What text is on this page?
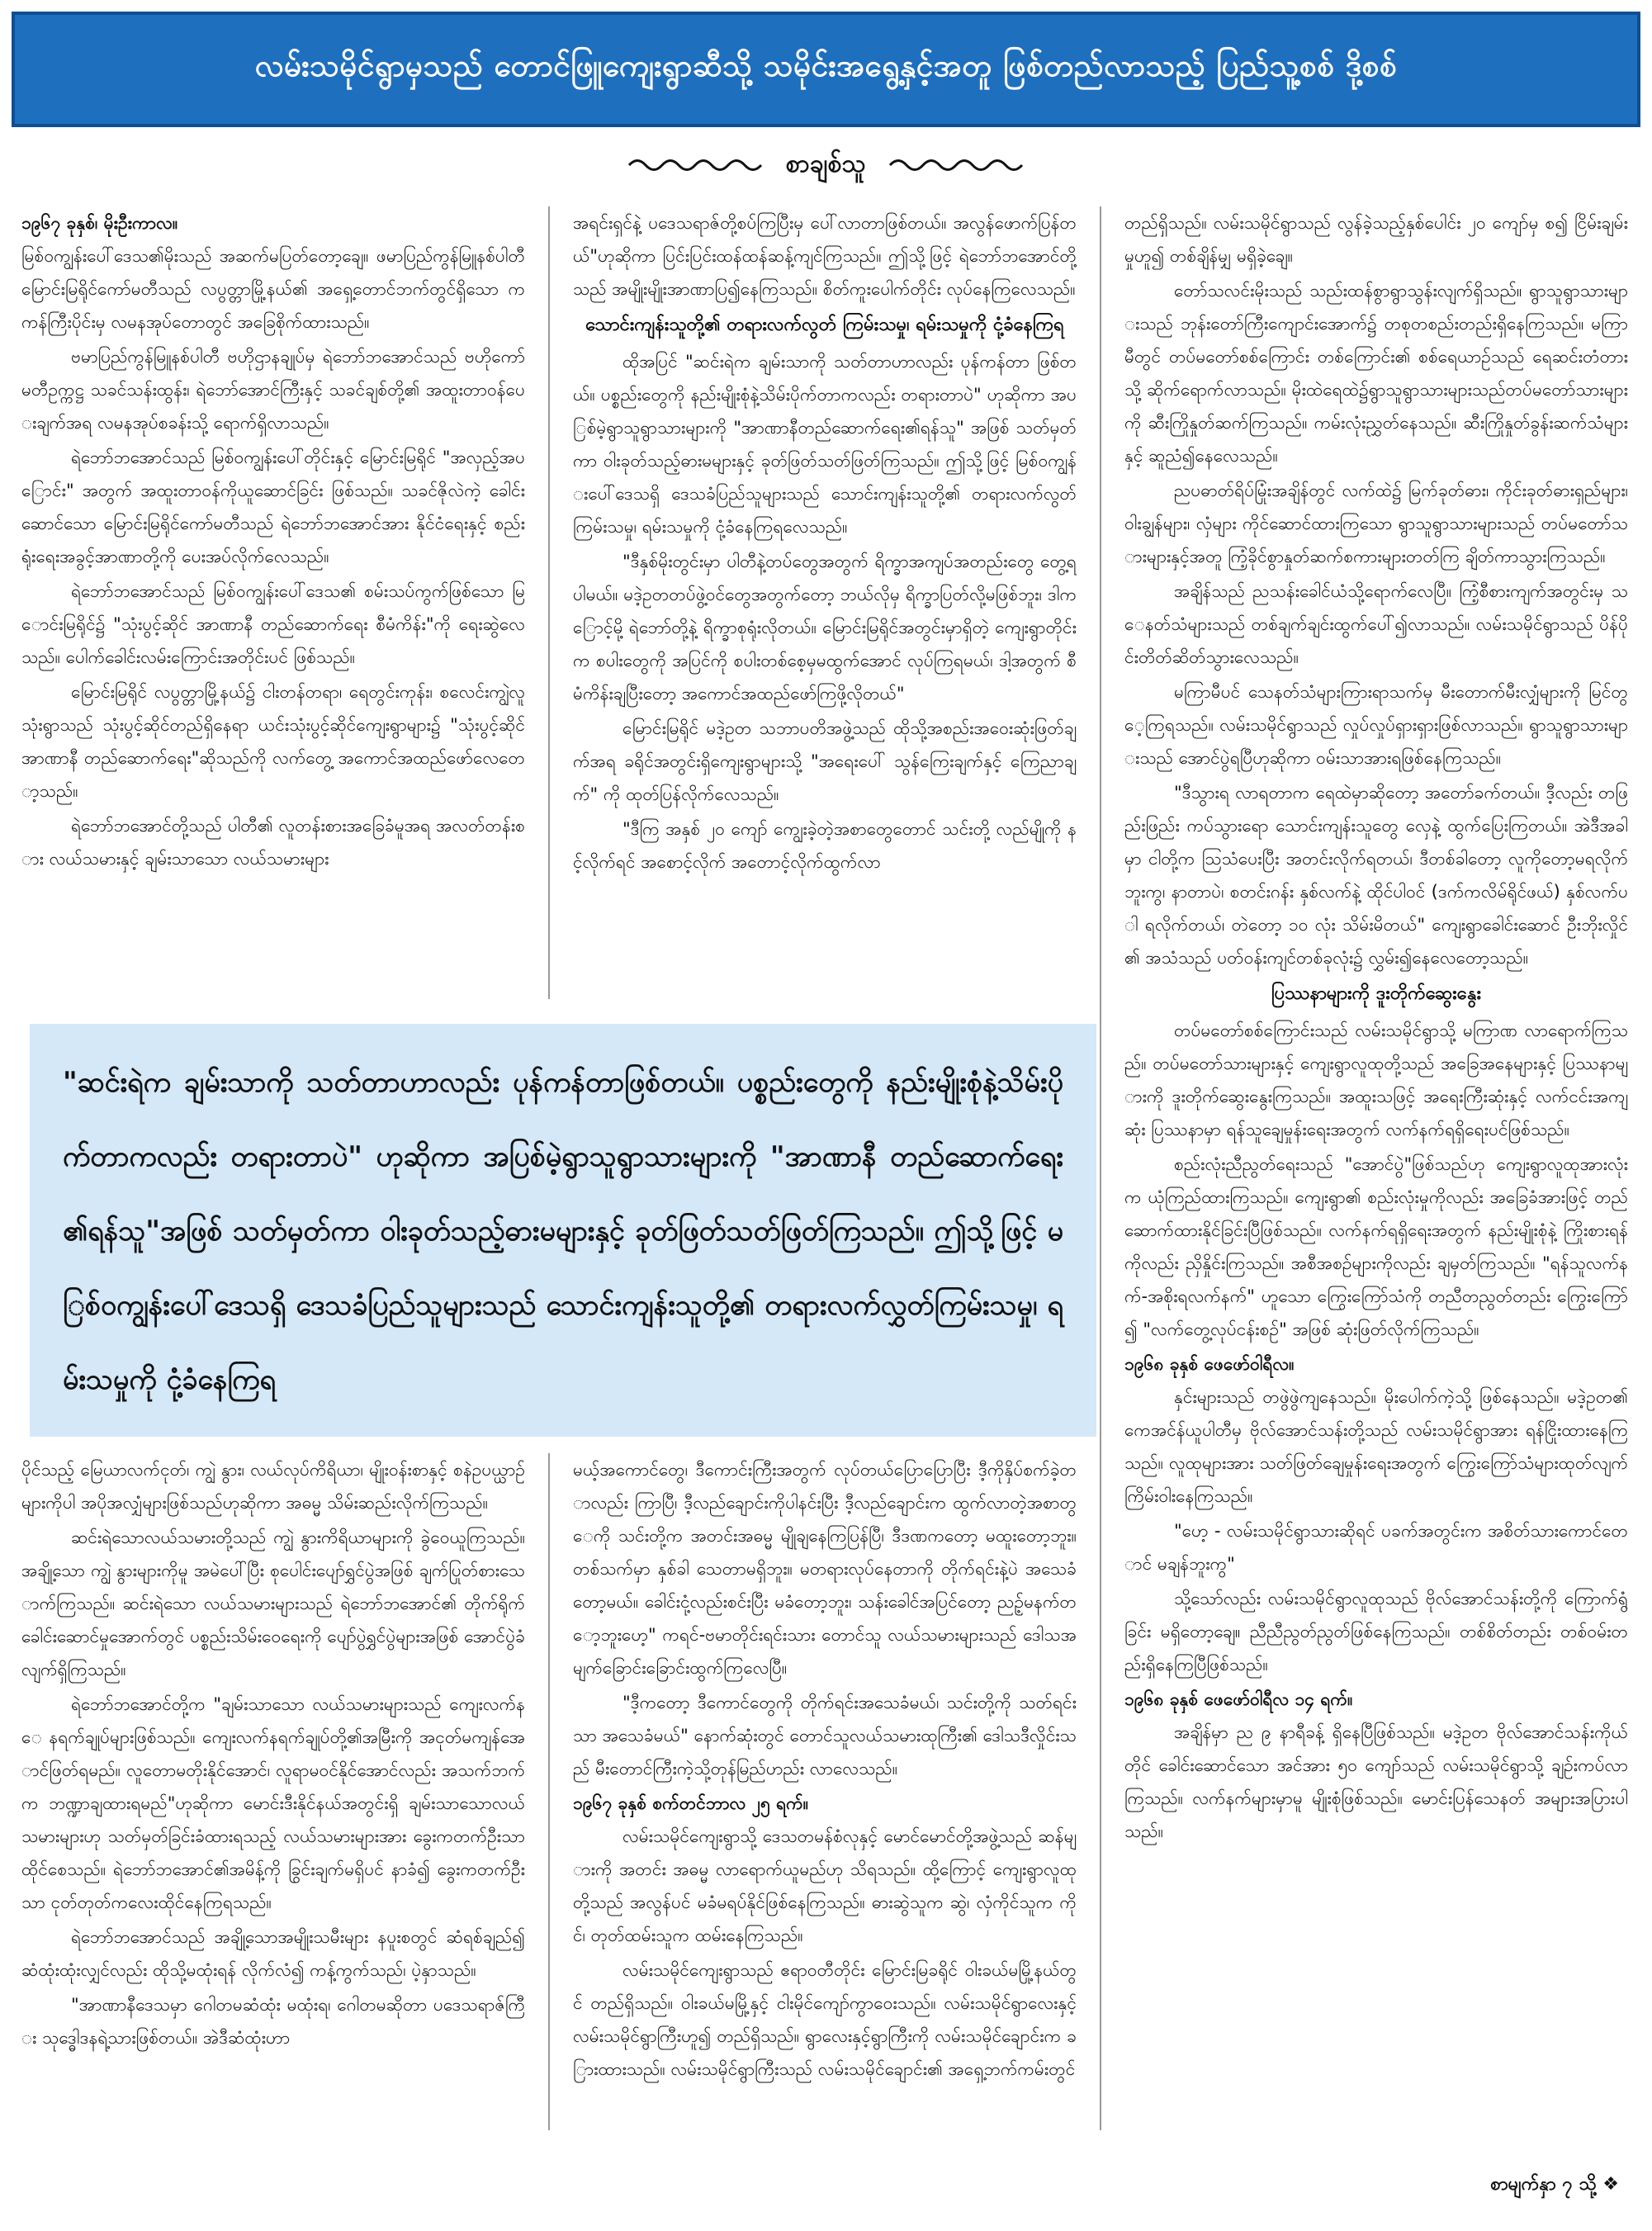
လမ်းသမိုင်ရွာမှသည် တောင်ဖြူကျေးရွာဆီသို့ သမိုင်းအရွေ့နှင့်အတူ ဖြစ်တည်လာသည့် ပြည်သူ့စစ် ဒို့စစ်
စာချစ်သူ
၁၉၆၇ ခုနှစ်၊ မိုးဦးကာလ။

မြစ်ဝကျွန်းပေါ်ဒေသ၏မိုးသည် အဆက်မပြတ်တော့ချေ။ ဖမာပြည်ကွန်မြူနစ်ပါတီ မြောင်းမြရိုင်ကော်မတီသည် လပွတ္တာမြို့နယ်၏ အရှေ့တောင်ဘက်တွင်ရှိသော ကကန်ကြီးပိုင်းမှ လမနအုပ်တောတွင် အခြေစိုက်ထားသည်။

ဗမာပြည်ကွန်မြူနစ်ပါတီ ဗဟိုဌာနချုပ်မှ ရဲဘော်ဘအောင်သည် ဗဟိုကော်မတီဥက္ကဋ္ဌ သခင်သန်းထွန်း၊ ရဲဘော်အောင်ကြီးနှင့် သခင်ချစ်တို့၏ အထူးတာဝန်ပေးချက်အရ လမနအုပ်စခန်းသို့ ရောက်ရှိလာသည်။

ရဲဘော်ဘအောင်သည် မြစ်ဝကျွန်းပေါ်တိုင်းနှင့် မြောင်းမြရိုင် "အလှည့်အပြောင်း" အတွက် အထူးတာဝန်ကိုယူဆောင်ခြင်း ဖြစ်သည်။ သခင်ဇိုလဲကဲ့ ခေါင်းဆောင်သော မြောင်းမြရိုင်ကော်မတီသည် ရဲဘော်ဘအောင်အား နိုင်ငံရေးနှင့် စည်းရုံးရေးအခွင့်အာဏာတို့ကို ပေးအပ်လိုက်လေသည်။

ရဲဘော်ဘအောင်သည် မြစ်ဝကျွန်းပေါ်ဒေသ၏ စမ်းသပ်ကွက်ဖြစ်သော မြောင်းမြရိုင်၌ "သုံးပွင့်ဆိုင် အာဏာနီ တည်ဆောက်ရေး စီမံကိန်း"ကို ရေးဆွဲလေသည်။ ပေါက်ခေါင်းလမ်းကြောင်းအတိုင်းပင် ဖြစ်သည်။

မြောင်းမြရိုင် လပွတ္တာမြို့နယ်၌ ငါးတန်တရာ၊ ရေတွင်းကုန်း၊ စလေင်းကျွဲလူ သုံးရွာသည် သုံးပွင့်ဆိုင်တည်ရှိနေရာ ယင်းသုံးပွင့်ဆိုင်ကျေးရွာများ၌ "သုံးပွင့်ဆိုင် အာဏာနီ တည်ဆောက်ရေး"ဆိုသည်ကို လက်တွေ့ အကောင်အထည်ဖော်လေတော့သည်။

ရဲဘော်ဘအောင်တို့သည် ပါတီ၏ လူတန်းစားအခြေခံမူအရ အလတ်တန်းစား လယ်သမားနှင့် ချမ်းသာသော လယ်သမားများ

ပိုင်သည့် မြေယာလက်ငုတ်၊ ကျွဲ နွား၊ လယ်လုပ်ကိရိယာ၊ မျိုးဝန်းစာနှင့် စနဲဥပယ္ယာဥ်များကိုပါ အပိုအလျှံများဖြစ်သည်ဟုဆိုကာ အဓမ္မ သိမ်းဆည်းလိုက်ကြသည်။

ဆင်းရဲသောလယ်သမားတို့သည် ကျွဲ နွားကိရိယာများကို ခွဲဝေယူကြသည်။ အချို့သော ကျွဲ နွားများကိုမူ အမဲပေါ်ပြီး စုပေါင်းပျော်ရွှင်ပွဲအဖြစ် ချက်ပြုတ်စားသောက်ကြသည်။ ဆင်းရဲသော လယ်သမားများသည် ရဲဘော်ဘအောင်၏ တိုက်ရိုက်ခေါင်းဆောင်မှုအောက်တွင် ပစ္စည်းသိမ်းဝေရေးကို ပျော်ပွဲရွှင်ပွဲများအဖြစ် အောင်ပွဲခံလျက်ရှိကြသည်။

ရဲဘော်ဘအောင်တို့က "ချမ်းသာသော လယ်သမားများသည် ကျေးလက်နေ နရက်ချုပ်များဖြစ်သည်။ ကျေးလက်နရက်ချုပ်တို့၏အမြီးကို အငုတ်မကျန်အောင်ဖြတ်ရမည်။ လူတောမတိုးနိုင်အောင်၊ လူရာမဝင်နိုင်အောင်လည်း အသက်ဘက်က ဘဏ္ဍာချထားရမည်"ဟုဆိုကာ မောင်းဒီးနိုင်နယ်အတွင်းရှိ ချမ်းသာသောလယ်သမားများဟု သတ်မှတ်ခြင်းခံထားရသည့် လယ်သမားများအား ခွေးကတက်ဦးသာ ထိုင်စေသည်။ ရဲဘော်ဘအောင်၏အမိန့်ကို ခြွင်းချက်မရှိပင် နာခံ၍ ခွေးကတက်ဦးသာ ငုတ်တုတ်ကလေးထိုင်နေကြရသည်။

ရဲဘော်ဘအောင်သည် အချို့သောအမျိုးသမီးများ နပူးစတွင် ဆံရစ်ချည်၍ ဆံထုံးထုံးလျှင်လည်း ထိုသို့မထုံးရန် လိုက်လံ၍ ကန့်ကွက်သည်၊ ပဲ့နှာသည်။

"အာဏာနီဒေသမှာ ဂေါတမဆံထုံး မထုံးရ၊ ဂေါတမဆိုတာ ပဒေသရာဇ်ကြီး သုဒ္ဓေါဒနရဲ့သားဖြစ်တယ်။ အဲဒီဆံထုံးဟာ

အရင်းရှင်နဲ့ ပဒေသရာဇ်တို့စပ်ကြပြီးမှ ပေါ်လာတာဖြစ်တယ်။ အလွန်ဖောက်ပြန်တယ်"ဟုဆိုကာ ပြင်းပြင်းထန်ထန်ဆန့်ကျင်ကြသည်။ ဤသို့ဖြင့် ရဲဘော်ဘအောင်တို့သည် အမျိုးမျိုးအာဏာပြ၍နေကြသည်။ စိတ်ကူးပေါက်တိုင်း လုပ်နေကြလေသည်။

သောင်းကျန်းသူတို့၏ တရားလက်လွတ် ကြမ်းသမှု၊ ရမ်းသမှုကို ငုံ့ခံနေကြရ

ထိုအပြင် "ဆင်းရဲက ချမ်းသာကို သတ်တာဟာလည်း ပုန်ကန်တာ ဖြစ်တယ်။ ပစ္စည်းတွေကို နည်းမျိုးစုံနဲ့သိမ်းပိုက်တာကလည်း တရားတာပဲ" ဟုဆိုကာ အပြစ်မဲ့ရွာသူရွာသားများကို "အာဏာနီတည်ဆောက်ရေး၏ရန်သူ" အဖြစ် သတ်မှတ်ကာ ဝါးခုတ်သည့်ဓားမများနှင့် ခုတ်ဖြတ်သတ်ဖြတ်ကြသည်။ ဤသို့ဖြင့် မြစ်ဝကျွန်းပေါ်ဒေသရှိ ဒေသခံပြည်သူများသည် သောင်းကျန်းသူတို့၏ တရားလက်လွတ် ကြမ်းသမှု၊ ရမ်းသမှုကို ငုံ့ခံနေကြရလေသည်။

"ဒီနှစ်မိုးတွင်းမှာ ပါတီနဲ့တပ်တွေအတွက် ရိက္ခာအကျပ်အတည်းတွေ တွေ့ရပါမယ်။ မဒဲ့ဥတတပ်ဖွဲ့ဝင်တွေအတွက်တော့ ဘယ်လိုမှ ရိက္ခာပြတ်လို့မဖြစ်ဘူး၊ ဒါကြောင့်မို့ ရဲဘော်တို့နဲ့ ရိက္ခာစုရုံးလိုတယ်။ မြောင်းမြရိုင်အတွင်းမှာရှိတဲ့ ကျေးရွာတိုင်းက စပါးတွေကို အပြင်ကို စပါးတစ်စေ့မှမထွက်အောင် လုပ်ကြရမယ်၊ ဒါ့အတွက် စီမံကိန်းချပြီးတော့ အကောင်အထည်ဖော်ကြဖို့လိုတယ်"

မြောင်းမြရိုင် မဒဲ့ဥတ သဘာပတိအဖွဲ့သည် ထိုသို့အစည်းအဝေးဆုံးဖြတ်ချက်အရ ခရိုင်အတွင်းရှိကျေးရွာများသို့ "အရေးပေါ် သွန်ကြေးချက်နှင့် ကြေညာချက်" ကို ထုတ်ပြန်လိုက်လေသည်။

"ဒီကြ အနှစ် ၂၀ ကျော် ကျွေးခဲ့တဲ့အစာတွေတောင် သင်းတို့ လည်မျိုကို နင့်လိုက်ရင် အစောင့်လိုက် အတောင့်လိုက်ထွက်လာ

မယ့်အကောင်တွေ၊ ဒီကောင်းကြီးအတွက် လုပ်တယ်ပြောပြောပြီး ဒီ့ကိုနှိပ်စက်ခဲ့တာလည်း ကြာပြီ၊ ဒီ့လည်ချောင်းကိုပါနင်းပြီး ဒီ့လည်ချောင်းက ထွက်လာတဲ့အစာတွေကို သင်းတို့က အတင်းအဓမ္မ မျိုချနေကြပြန်ပြီ၊ ဒီဒဏကတော့ မထူးတော့ဘူး။ တစ်သက်မှာ နှစ်ခါ သေတာမရှိဘူး။ မတရားလုပ်နေတာကို တိုက်ရင်းနဲ့ပဲ အသေခံ တော့မယ်။ ခေါင်းငုံ့လည်းစင်းပြီး မခံတော့ဘူး၊ သန်းခေါင်အပြင်တော့ ညဥ့်မနက်တော့ဘူးဟေ့" ကရင်-ဗမာတိုင်းရင်းသား တောင်သူ လယ်သမားများသည် ဒေါသအမျက်ခြောင်းခြောင်းထွက်ကြလေပြီ။

"ဒီ့ကတော့ ဒီကောင်တွေကို တိုက်ရင်းအသေခံမယ်၊ သင်းတို့ကို သတ်ရင်းသာ အသေခံမယ်" နောက်ဆုံးတွင် တောင်သူလယ်သမားထုကြီး၏ ဒေါသဒီလှိုင်းသည် မီးတောင်ကြီးကဲ့သို့တုန်မြည်ဟည်း လာလေသည်။

၁၉၆၇ ခုနှစ် စက်တင်ဘာလ ၂၅ ရက်။

လမ်းသမိုင်ကျေးရွာသို့ ဒေသတမန်စံလုနှင့် မောင်မောင်တို့အဖွဲ့သည် ဆန်များကို အတင်း အဓမ္မ လာရောက်ယူမည်ဟု သိရသည်။ ထို့ကြောင့် ကျေးရွာလူထုတို့သည် အလွန်ပင် မခံမရပ်နိုင်ဖြစ်နေကြသည်။ ဓားဆွဲသူက ဆွဲ၊ လှံကိုင်သူက ကိုင်၊ တုတ်ထမ်းသူက ထမ်းနေကြသည်။

လမ်းသမိုင်ကျေးရွာသည် ဧရာဝတီတိုင်း မြောင်းမြခရိုင် ဝါးခယ်မမြို့နယ်တွင် တည်ရှိသည်။ ဝါးခယ်မမြို့နှင့် ငါးမိုင်ကျော်ကွာဝေးသည်။ လမ်းသမိုင်ရွာလေးနှင့် လမ်းသမိုင်ရွာကြီးဟူ၍ တည်ရှိသည်။ ရွာလေးနှင့်ရွာကြီးကို လမ်းသမိုင်ချောင်းက ခြားထားသည်။ လမ်းသမိုင်ရွာကြီးသည် လမ်းသမိုင်ချောင်း၏ အရှေ့ဘက်ကမ်းတွင်

တည်ရှိသည်။ လမ်းသမိုင်ရွာသည် လွန်ခဲ့သည့်နှစ်ပေါင်း ၂၀ ကျော်မှ စ၍ ငြိမ်းချမ်းမှုဟူ၍ တစ်ချိန်မျှ မရှိခဲ့ချေ။

တော်သလင်းမိုးသည် သည်းထန်စွာရွာသွန်းလျက်ရှိသည်။ ရွာသူရွာသားများသည် ဘုန်းတော်ကြီးကျောင်းအောက်၌ တစုတစည်းတည်းရှိနေကြသည်။ မကြာမီတွင် တပ်မတော်စစ်ကြောင်း တစ်ကြောင်း၏ စစ်ရေယာဉ်သည် ရေဆင်းတံတားသို့ ဆိုက်ရောက်လာသည်။ မိုးထဲရေထဲ၌ရွာသူရွာသားများသည်တပ်မတော်သားများကို ဆီးကြိုနှုတ်ဆက်ကြသည်။ ကမ်းလုံးညွှတ်နေသည်။ ဆီးကြိုနှုတ်ခွန်းဆက်သံများနှင့် ဆူညံ၍နေလေသည်။

ညပဓာတ်ရိပ်မြုံးအချိန်တွင် လက်ထဲ၌ မြက်ခုတ်ဓား၊ ကိုင်းခုတ်ဓားရှည်များ၊ ဝါးချွန်များ၊ လှံများ ကိုင်ဆောင်ထားကြသော ရွာသူရွာသားများသည် တပ်မတော်သားများနှင့်အတူ ကြံ့ခိုင်စွာနှုတ်ဆက်စကားများတတ်ကြ ချိတ်ကာသွားကြသည်။

အချိန်သည် ညသန်းခေါင်ယံသို့ရောက်လေပြီ။ ကြံ့စီစားကျက်အတွင်းမှ သေနတ်သံများသည် တစ်ချက်ချင်းထွက်ပေါ်၍လာသည်။ လမ်းသမိုင်ရွာသည် ပိန်ပိုင်းတိတ်ဆိတ်သွားလေသည်။

မကြာမီပင် သေနတ်သံများကြားရာသက်မှ မီးတောက်မီးလျှံများကို မြင်တွေ့ကြရသည်။ လမ်းသမိုင်ရွာသည် လှုပ်လှုပ်ရှားရှားဖြစ်လာသည်။ ရွာသူရွာသားများသည် အောင်ပွဲရပြီဟုဆိုကာ ဝမ်းသာအားရဖြစ်နေကြသည်။

"ဒီသွားရ လာရတာက ရေထဲမှာဆိုတော့ အတော်ခက်တယ်။ ဒီ့လည်း တဖြည်းဖြည်း ကပ်သွားရော သောင်းကျန်းသူတွေ လှေနဲ့ ထွက်ပြေးကြတယ်။ အဲဒီအခါမှာ ငါတို့က ဩသံပေးပြီး အတင်းလိုက်ရတယ်၊ ဒီတစ်ခါတော့ လူကိုတော့မရလိုက်ဘူးကွ၊ နာတာပဲ၊ စတင်းဂန်း နှစ်လက်နဲ့ ထိုင်ပါဝင် (ဒက်ကလိမ်ရိုင်ဖယ်) နှစ်လက်ပါ ရလိုက်တယ်၊ တဲတော့ ၁၀ လုံး သိမ်းမိတယ်" ကျေးရွာခေါင်းဆောင် ဦးဘိုးလှိုင်၏ အသံသည် ပတ်ဝန်းကျင်တစ်ခုလုံး၌ လွှမ်း၍နေလေတော့သည်။

ပြဿနာများကို ဒူးတိုက်ဆွေးနွေး

တပ်မတော်စစ်ကြောင်းသည် လမ်းသမိုင်ရွာသို့ မကြာဏ လာရောက်ကြသည်။ တပ်မတော်သားများနှင့် ကျေးရွာလူထုတို့သည် အခြေအနေများနှင့် ပြဿနာများကို ဒူးတိုက်ဆွေးနွေးကြသည်။ အထူးသဖြင့် အရေးကြီးဆုံးနှင့် လက်ငင်းအကျဆုံး ပြဿနာမှာ ရန်သူချေမှုန်းရေးအတွက် လက်နက်ရရှိရေးပင်ဖြစ်သည်။

စည်းလုံးညီညွတ်ရေးသည် "အောင်ပွဲ"ဖြစ်သည်ဟု ကျေးရွာလူထုအားလုံးက ယုံကြည်ထားကြသည်။ ကျေးရွာ၏ စည်းလုံးမှုကိုလည်း အခြေခံအားဖြင့် တည်ဆောက်ထားနိုင်ခြင်းပြီဖြစ်သည်။ လက်နက်ရရှိရေးအတွက် နည်းမျိုးစုံနဲ့ ကြိုးစားရန်ကိုလည်း ညှိနှိုင်းကြသည်။ အစီအစဉ်များကိုလည်း ချမှတ်ကြသည်။ "ရန်သူလက်နက်-အစိုးရလက်နက်" ဟူသော ကြွေးကြော်သံကို တညီတညွတ်တည်း ကြွေးကြော်၍ "လက်တွေ့လုပ်ငန်းစဉ်" အဖြစ် ဆုံးဖြတ်လိုက်ကြသည်။

၁၉၆၈ ခုနှစ် ဖေဖော်ဝါရီလ။

နှင်းများသည် တဖွဲဖွဲကျနေသည်။ မိုးပေါက်ကဲ့သို့ ဖြစ်နေသည်။ မဒဲ့ဥတ၏ ကေအင်န်ယူပါတီမှ ဗိုလ်အောင်သန်းတို့သည် လမ်းသမိုင်ရွာအား ရန်ငြိုးထားနေကြသည်။ လူထုများအား သတ်ဖြတ်ချေမှုန်းရေးအတွက် ကြွေးကြော်သံများထုတ်လျက် ကြိမ်းဝါးနေကြသည်။

"ဟေ့ - လမ်းသမိုင်ရွာသားဆိုရင် ပခက်အတွင်းက အစိတ်သားကောင်တောင် မချန်ဘူးကွ"

သို့သော်လည်း လမ်းသမိုင်ရွာလူထုသည် ဗိုလ်အောင်သန်းတို့ကို ကြောက်ရွံ့ခြင်း မရှိတော့ချေ။ ညီညီညွတ်ညွတ်ဖြစ်နေကြသည်။ တစ်စိတ်တည်း တစ်ဝမ်းတည်းရှိနေကြပြီဖြစ်သည်။

၁၉၆၈ ခုနှစ် ဖေဖော်ဝါရီလ ၁၄ ရက်။

အချိန်မှာ ည ၉ နာရီခန့် ရှိနေပြီဖြစ်သည်။ မဒဲ့ဥတ ဗိုလ်အောင်သန်းကိုယ်တိုင် ခေါင်းဆောင်သော အင်အား ၅၀ ကျော်သည် လမ်းသမိုင်ရွာသို့ ချဉ်းကပ်လာကြသည်။ လက်နက်များမှာမူ မျိုးစုံဖြစ်သည်။ မောင်းပြန်သေနတ် အများအပြားပါသည်။

"ဆင်းရဲက ချမ်းသာကို သတ်တာဟာလည်း ပုန်ကန်တာဖြစ်တယ်။ ပစ္စည်းတွေကို နည်းမျိုးစုံနဲ့သိမ်းပိုက်တာကလည်း တရားတာပဲ" ဟုဆိုကာ အပြစ်မဲ့ရွာသူရွာသားများကို "အာဏာနီ တည်ဆောက်ရေး၏ရန်သူ"အဖြစ် သတ်မှတ်ကာ ဝါးခုတ်သည့်ဓားမများနှင့် ခုတ်ဖြတ်သတ်ဖြတ်ကြသည်။ ဤသို့ဖြင့် မြစ်ဝကျွန်းပေါ်ဒေသရှိ ဒေသခံပြည်သူများသည် သောင်းကျန်းသူတို့၏ တရားလက်လွှတ်ကြမ်းသမှု၊ ရမ်းသမှုကို ငုံ့ခံနေကြရ

စာမျက်နှာ ၇ သို့ ❖
